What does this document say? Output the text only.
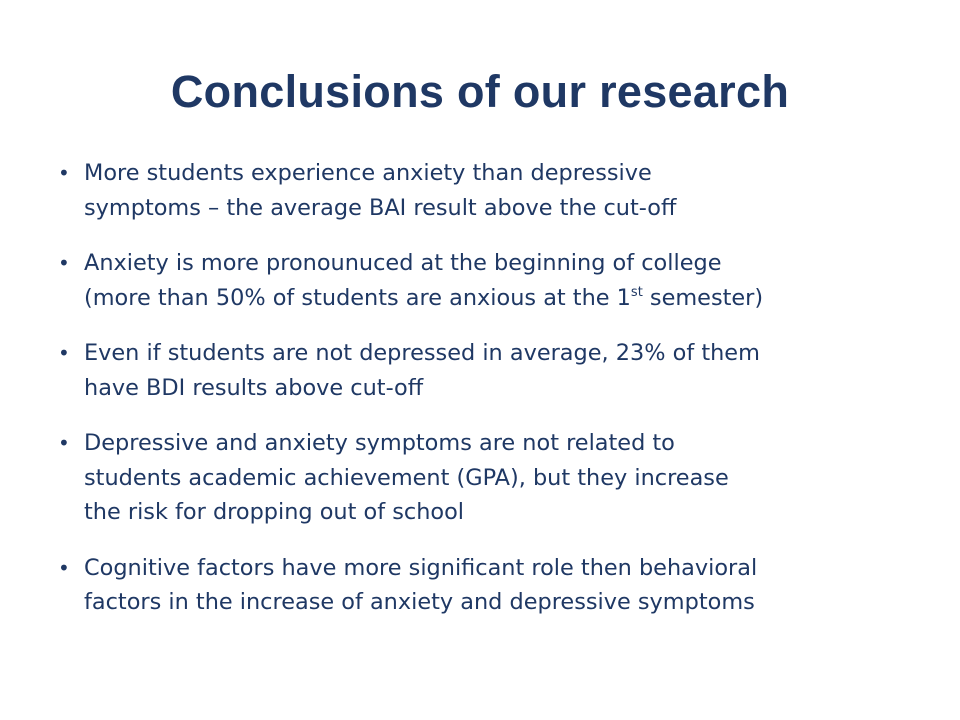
Conclusions of our research
• More students experience anxiety than depressive
symptoms – the average BAI result above the cut-off
• Anxiety is more pronounuced at the beginning of college
(more than 50% of students are anxious at the 1st semester)
• Even if students are not depressed in average, 23% of them
have BDI results above cut-off
• Depressive and anxiety symptoms are not related to
students academic achievement (GPA), but they increase
the risk for dropping out of school
• Cognitive factors have more significant role then behavioral
factors in the increase of anxiety and depressive symptoms
